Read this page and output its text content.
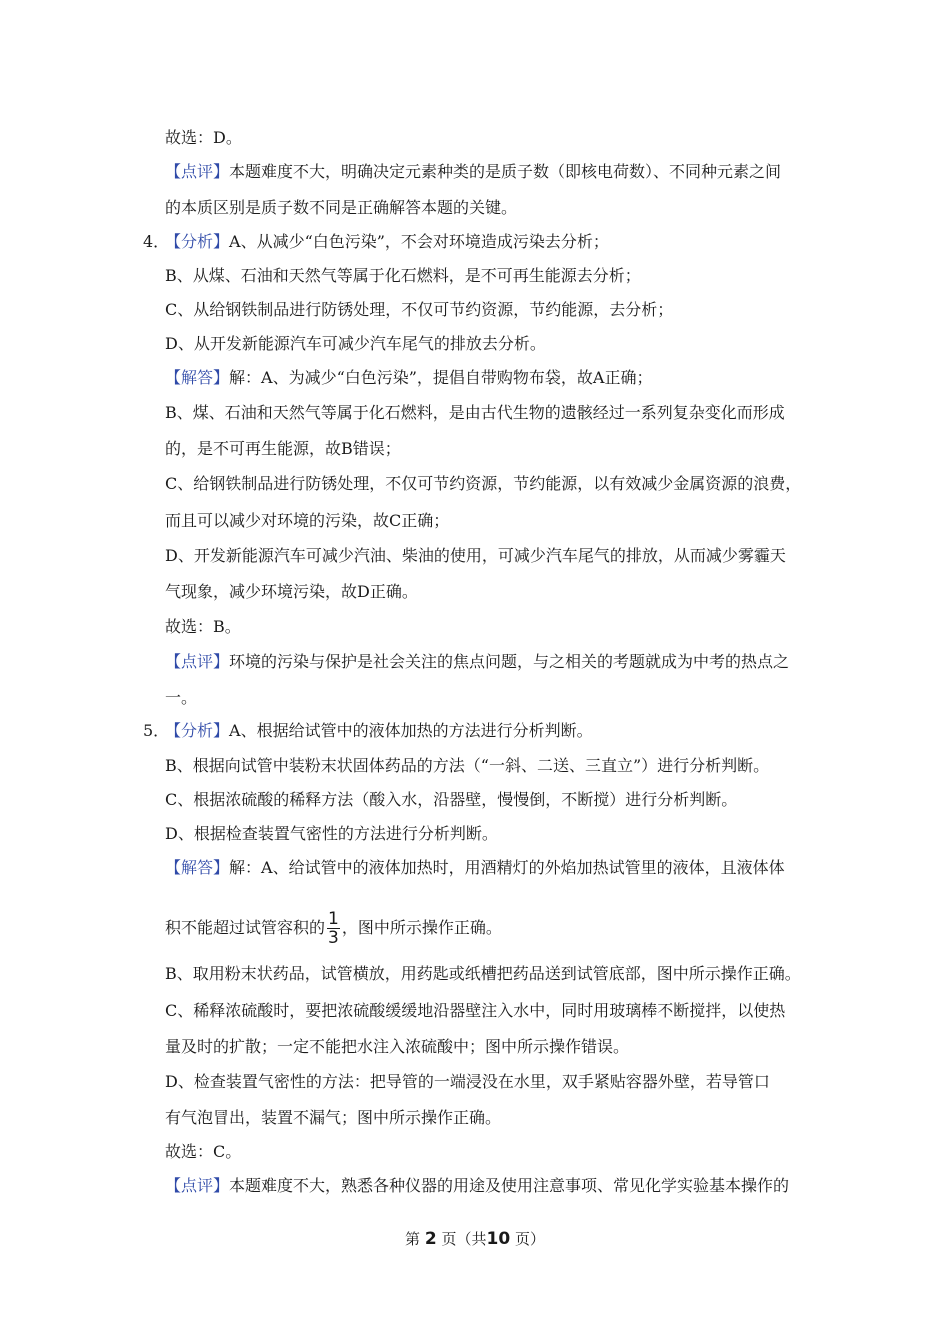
4．
5．
故选：D。
【点评】本题难度不大，明确决定元素种类的是质子数（即核电荷数）、不同种元素之间
的本质区别是质子数不同是正确解答本题的关键。
【分析】A、从减少“白色污染”，不会对环境造成污染去分析；
B、从煤、石油和天然气等属于化石燃料，是不可再生能源去分析；
C、从给钢铁制品进行防锈处理，不仅可节约资源，节约能源，去分析；
D、从开发新能源汽车可减少汽车尾气的排放去分析。
【解答】解：A、为减少“白色污染”，提倡自带购物布袋，故A正确；
B、煤、石油和天然气等属于化石燃料，是由古代生物的遗骸经过一系列复杂变化而形成
的，是不可再生能源，故B错误；
C、给钢铁制品进行防锈处理，不仅可节约资源，节约能源，以有效减少金属资源的浪费，
而且可以减少对环境的污染，故C正确；
D、开发新能源汽车可减少汽油、柴油的使用，可减少汽车尾气的排放，从而减少雾霾天
气现象，减少环境污染，故D正确。
故选：B。
【点评】环境的污染与保护是社会关注的焦点问题，与之相关的考题就成为中考的热点之
一。
【分析】A、根据给试管中的液体加热的方法进行分析判断。
B、根据向试管中装粉末状固体药品的方法（“一斜、二送、三直立”）进行分析判断。
C、根据浓硫酸的稀释方法（酸入水，沿器壁，慢慢倒，不断搅）进行分析判断。
D、根据检查装置气密性的方法进行分析判断。
【解答】解：A、给试管中的液体加热时，用酒精灯的外焰加热试管里的液体，且液体体
积不能超过试管容积的 $\frac{1}{3}$ ，图中所示操作正确。
B、取用粉末状药品，试管横放，用药匙或纸槽把药品送到试管底部，图中所示操作正确。
C、稀释浓硫酸时，要把浓硫酸缓缓地沿器壁注入水中，同时用玻璃棒不断搅拌，以使热
量及时的扩散；一定不能把水注入浓硫酸中；图中所示操作错误。
D、检查装置气密性的方法：把导管的一端浸没在水里，双手紧贴容器外壁，若导管口
有气泡冒出，装置不漏气；图中所示操作正确。
故选：C。
【点评】本题难度不大，熟悉各种仪器的用途及使用注意事项、常见化学实验基本操作的
第 2 页（共10 页）
